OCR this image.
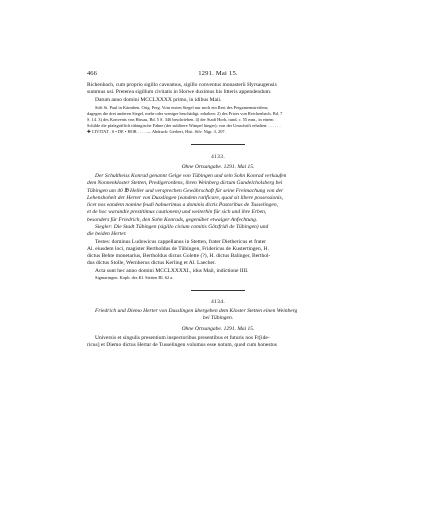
466	1291. Mai 15.

Richenbach, cum proprio sigillo caveamus, sigillo conventus monasterii Hyrsaugensis

summus usi. Preterea sigillum civitatis in Horwe duximus his litteris appendendum.

Datum anno domini MCCLXXXX primo, in idibus Maii.

Stift St. Paul in Kärnthen. Orig. Perg. Vom ersten Siegel nur noch ein Rest des Pergamentstreifens;

dagegen die drei anderen Siegel, mehr oder weniger beschädigt, erhalten: 2) des Priors von Reichenbach, Bd. 7

S. 14. 3) des Konvents von Hirsau, Bd. 5 S. 346 beschrieben. 4) der Stadt Horb, rund, c. 55 mm., in einem

Schilde die pfalzgräflich tübingische Fahne (der sublitere Wimpel hinger); von der Umschrift erhalten: . . . . . .

✚ CIVITAT . S • DE • HOR . . . . — Abdruck: Gerbert, Hist. Silv. Nigr. 3, 207.

4133.

Ohne Ortsangabe. 1291. Mai 15.

Der Schultheiss Konrad genannt Gelge von Tübingen und sein Sohn Konrad verkaufen

dem Nonnenkloster Stetten, Predigerordens, ihren Weinberg dictum Gundelcholsberg bei

Tübingen um 40 ℔ Heller und versprechen Gewährschaft für seine Freimachung von der

Lehenshoheit der Herter von Dusslingen (eandem ratificare, quod sit libere possessionis,

licet nos eandem nomine feudi habuerimus a dominis dictis Pastoribus de Tusselingen,

et de hoc warandie prestitimus cautionem) und weiterhin für sich und ihre Erben,

besonders für Friedrich, den Sohn Konrads, gegenüber etwaiger Anfechtung.

Siegler: Die Stadt Tübingen (sigillo civium comitis Gôtzfridi de Tübingen) und

die beiden Herter.

Testes: dominus Ludowicus cappellanus in Stetten, frater Diethericus et frater

Al. eiusdem loci, magister Bertholdus de Tûbingen, Fridericus de Kustertingen, H.

dictus Behte monetarius, Bertholdus dictus Golette (?), H. dictus Balinger, Berthol-

dus dictus Stolle, Wernherus dictus Kerling et Al. Laecher.

Acta sunt hec anno domini MCCLXXXXI., idus Maii, indictione IIII.

Sigmaringen. Kopb. des Kl. Stetten Bl. 62 a.

4134.

Friedrich und Diemo Herter von Dusslingen übergeben dem Kloster Stetten einen Weinberg

bei Tübingen.

Ohne Ortsangabe. 1291. Mai 15.

Universis et singulis presentium inspectoribus presentibus et futuris nos Fr[ide-

ricus] et Diemo dictus Hertar de Tusselingen volumus esse notum, quod cum honestus
